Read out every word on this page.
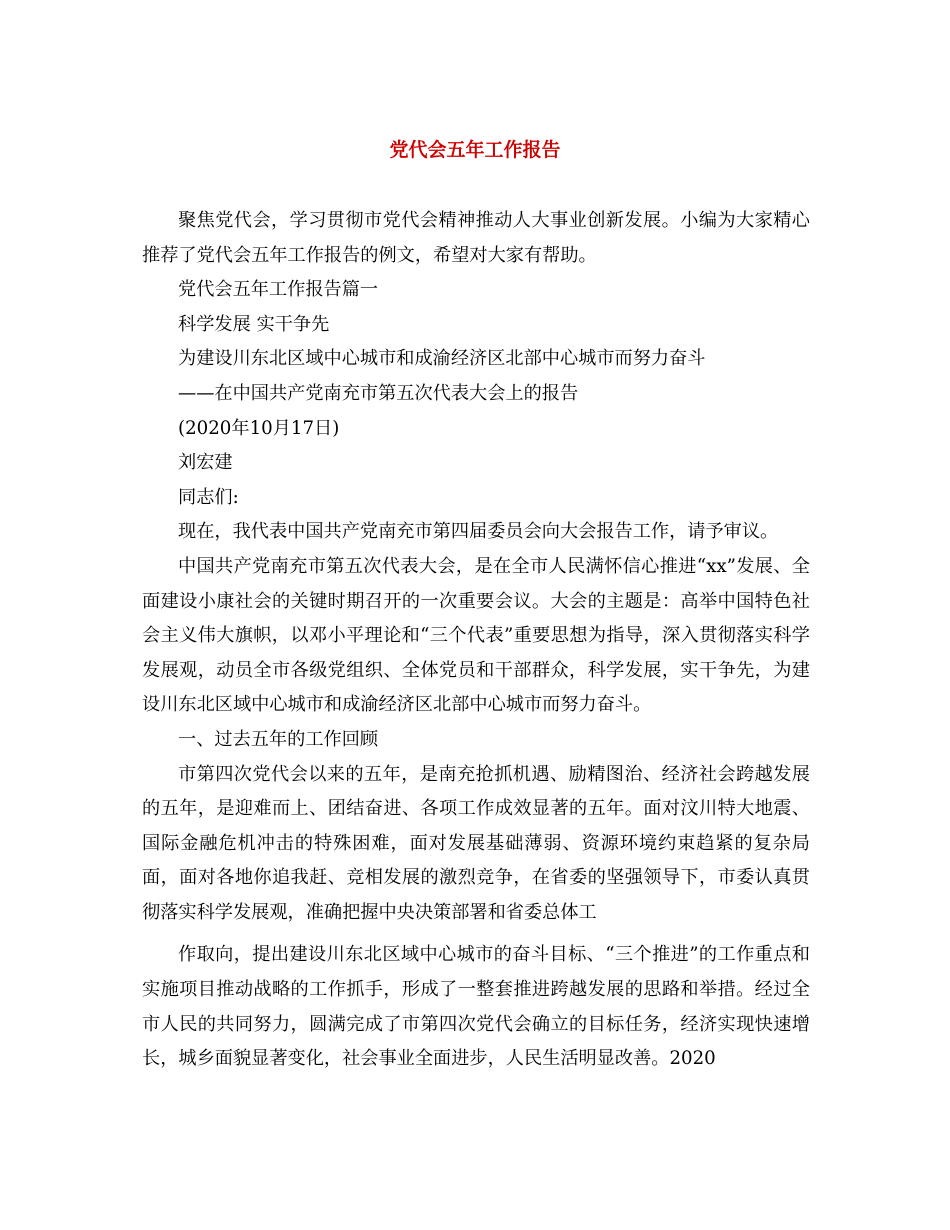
党代会五年工作报告

聚焦党代会，学习贯彻市党代会精神推动人大事业创新发展。小编为大家精心推荐了党代会五年工作报告的例文，希望对大家有帮助。

党代会五年工作报告篇一

科学发展 实干争先

为建设川东北区域中心城市和成渝经济区北部中心城市而努力奋斗

——在中国共产党南充市第五次代表大会上的报告

(2020年10月17日)

刘宏建

同志们:

现在，我代表中国共产党南充市第四届委员会向大会报告工作，请予审议。

中国共产党南充市第五次代表大会，是在全市人民满怀信心推进“xx”发展、全面建设小康社会的关键时期召开的一次重要会议。大会的主题是：高举中国特色社会主义伟大旗帜，以邓小平理论和“三个代表”重要思想为指导，深入贯彻落实科学发展观，动员全市各级党组织、全体党员和干部群众，科学发展，实干争先，为建设川东北区域中心城市和成渝经济区北部中心城市而努力奋斗。

一、过去五年的工作回顾

市第四次党代会以来的五年，是南充抢抓机遇、励精图治、经济社会跨越发展的五年，是迎难而上、团结奋进、各项工作成效显著的五年。面对汶川特大地震、国际金融危机冲击的特殊困难，面对发展基础薄弱、资源环境约束趋紧的复杂局面，面对各地你追我赶、竞相发展的激烈竞争，在省委的坚强领导下，市委认真贯彻落实科学发展观，准确把握中央决策部署和省委总体工

作取向，提出建设川东北区域中心城市的奋斗目标、“三个推进”的工作重点和实施项目推动战略的工作抓手，形成了一整套推进跨越发展的思路和举措。经过全市人民的共同努力，圆满完成了市第四次党代会确立的目标任务，经济实现快速增长，城乡面貌显著变化，社会事业全面进步，人民生活明显改善。2020
